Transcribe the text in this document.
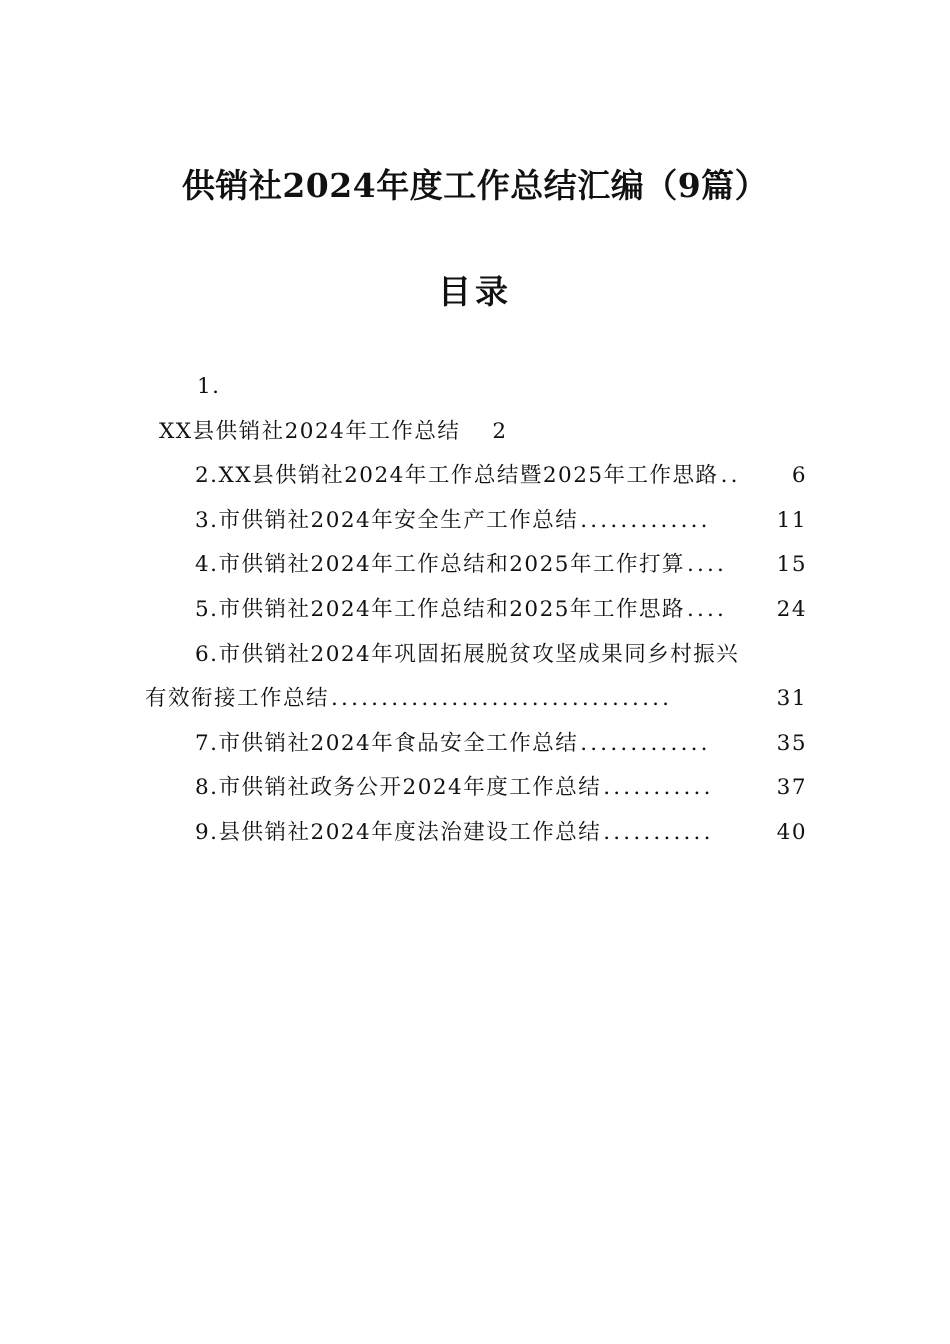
供销社2024年度工作总结汇编（9篇）
目录
1.
XX县供销社2024年工作总结 2
2.XX县供销社2024年工作总结暨2025年工作思路 ..	6
3.市供销社2024年安全生产工作总结 .............	11
4.市供销社2024年工作总结和2025年工作打算 ....	15
5.市供销社2024年工作总结和2025年工作思路 ....	24
6.市供销社2024年巩固拓展脱贫攻坚成果同乡村振兴
有效衔接工作总结 ..................................	31
7.市供销社2024年食品安全工作总结 .............	35
8.市供销社政务公开2024年度工作总结 ...........	37
9.县供销社2024年度法治建设工作总结 ...........	40
